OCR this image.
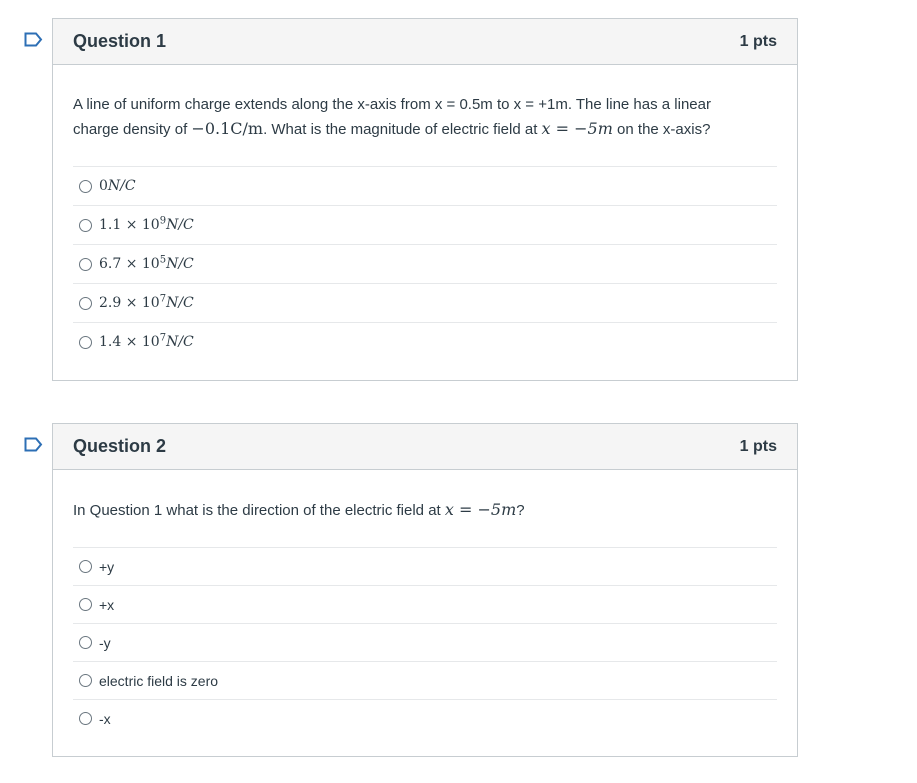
Question 1	1 pts

A line of uniform charge extends along the x-axis from x = 0.5m to x = +1m. The line has a linear
charge density of −0.1C/m. What is the magnitude of electric field at x = −5m on the x-axis?

0N/C
$1.1 \times 10^9N/C$
$6.7 \times 10^5N/C$
$2.9 \times 10^7N/C$
$1.4 \times 10^7N/C$
Question 2	1 pts

In Question 1 what is the direction of the electric field at x = −5m?

+y
+x
-y
electric field is zero
-x
